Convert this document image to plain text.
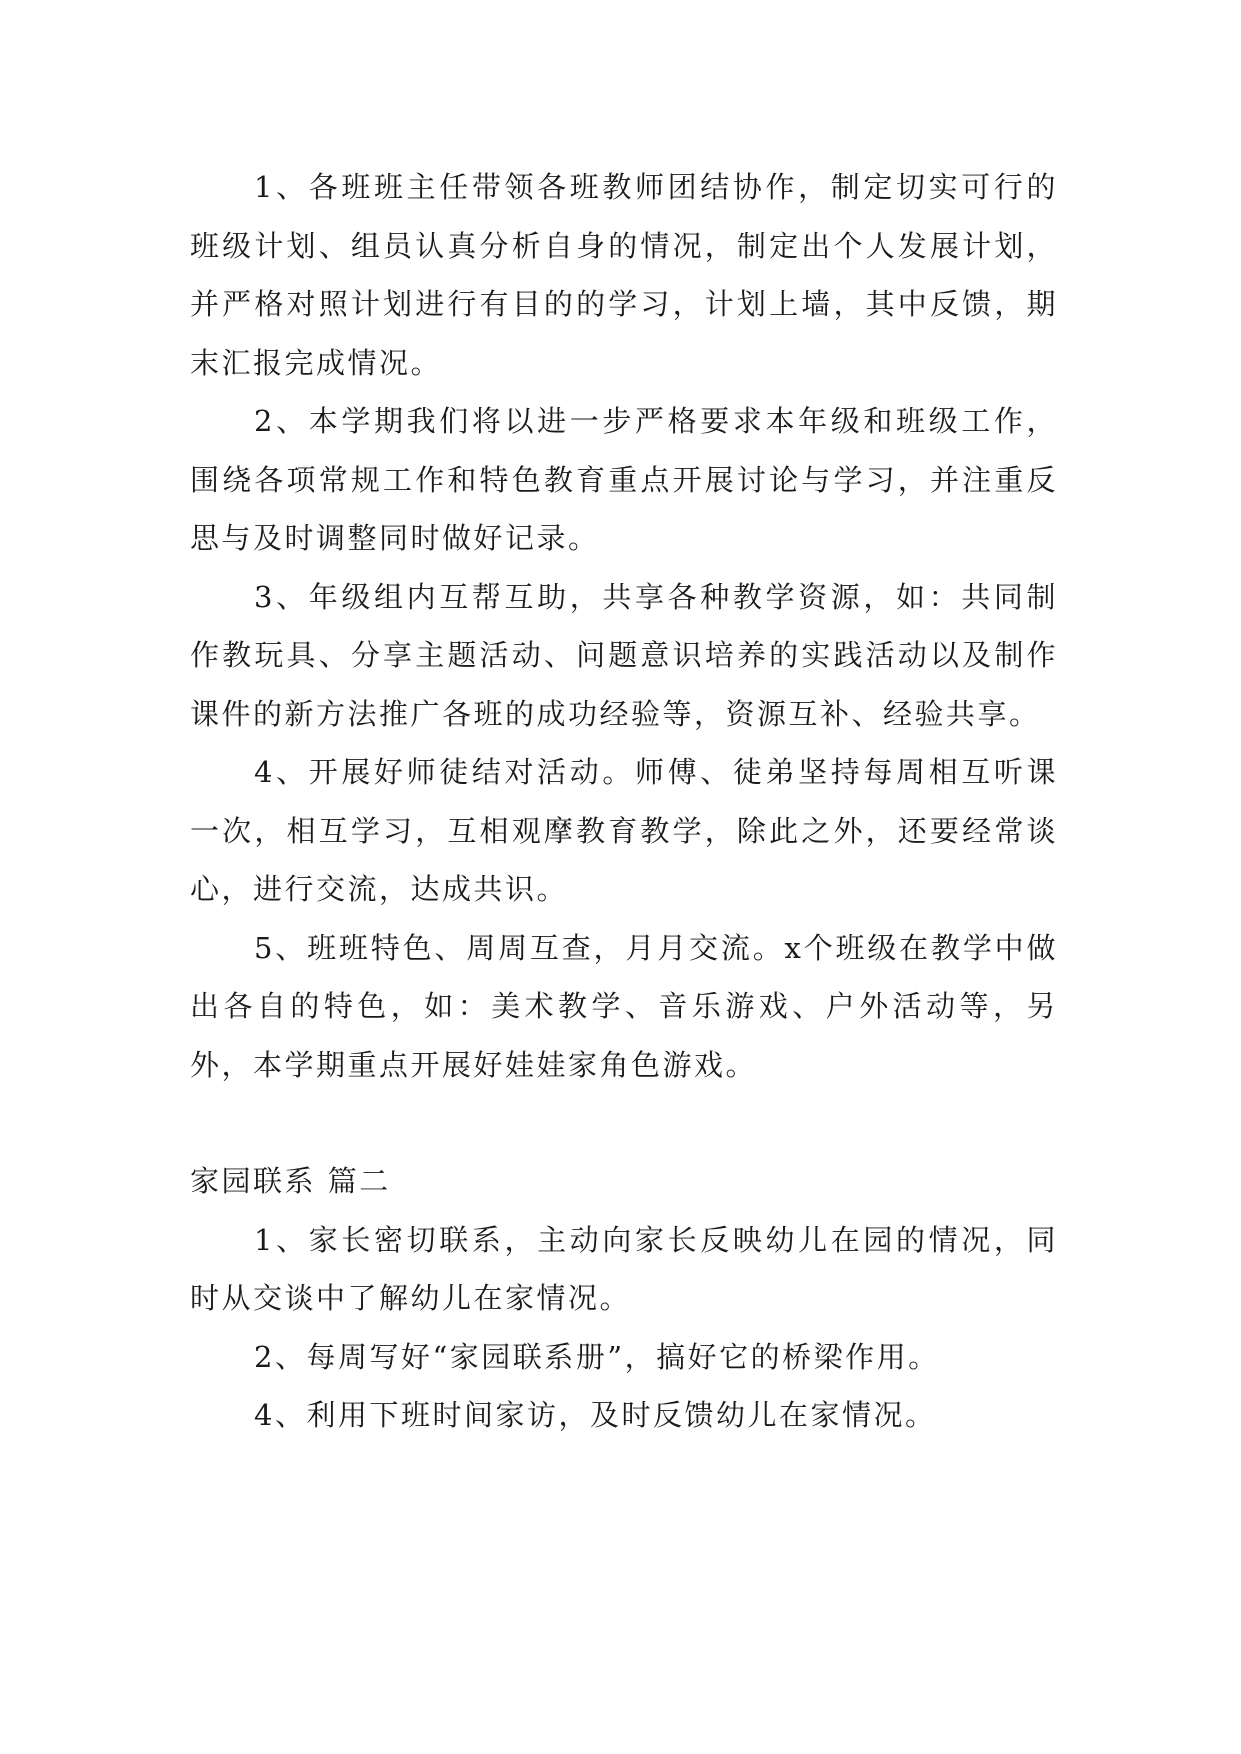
1、各班班主任带领各班教师团结协作，制定切实可行的班级计划、组员认真分析自身的情况，制定出个人发展计划，并严格对照计划进行有目的的学习，计划上墙，其中反馈，期末汇报完成情况。

2、本学期我们将以进一步严格要求本年级和班级工作，围绕各项常规工作和特色教育重点开展讨论与学习，并注重反思与及时调整同时做好记录。

3、年级组内互帮互助，共享各种教学资源，如：共同制作教玩具、分享主题活动、问题意识培养的实践活动以及制作课件的新方法推广各班的成功经验等，资源互补、经验共享。

4、开展好师徒结对活动。师傅、徒弟坚持每周相互听课一次，相互学习，互相观摩教育教学，除此之外，还要经常谈心，进行交流，达成共识。

5、班班特色、周周互查，月月交流。x个班级在教学中做出各自的特色，如：美术教学、音乐游戏、户外活动等，另外，本学期重点开展好娃娃家角色游戏。

家园联系 篇二

1、家长密切联系，主动向家长反映幼儿在园的情况，同时从交谈中了解幼儿在家情况。

2、每周写好“家园联系册”，搞好它的桥梁作用。

4、利用下班时间家访，及时反馈幼儿在家情况。
